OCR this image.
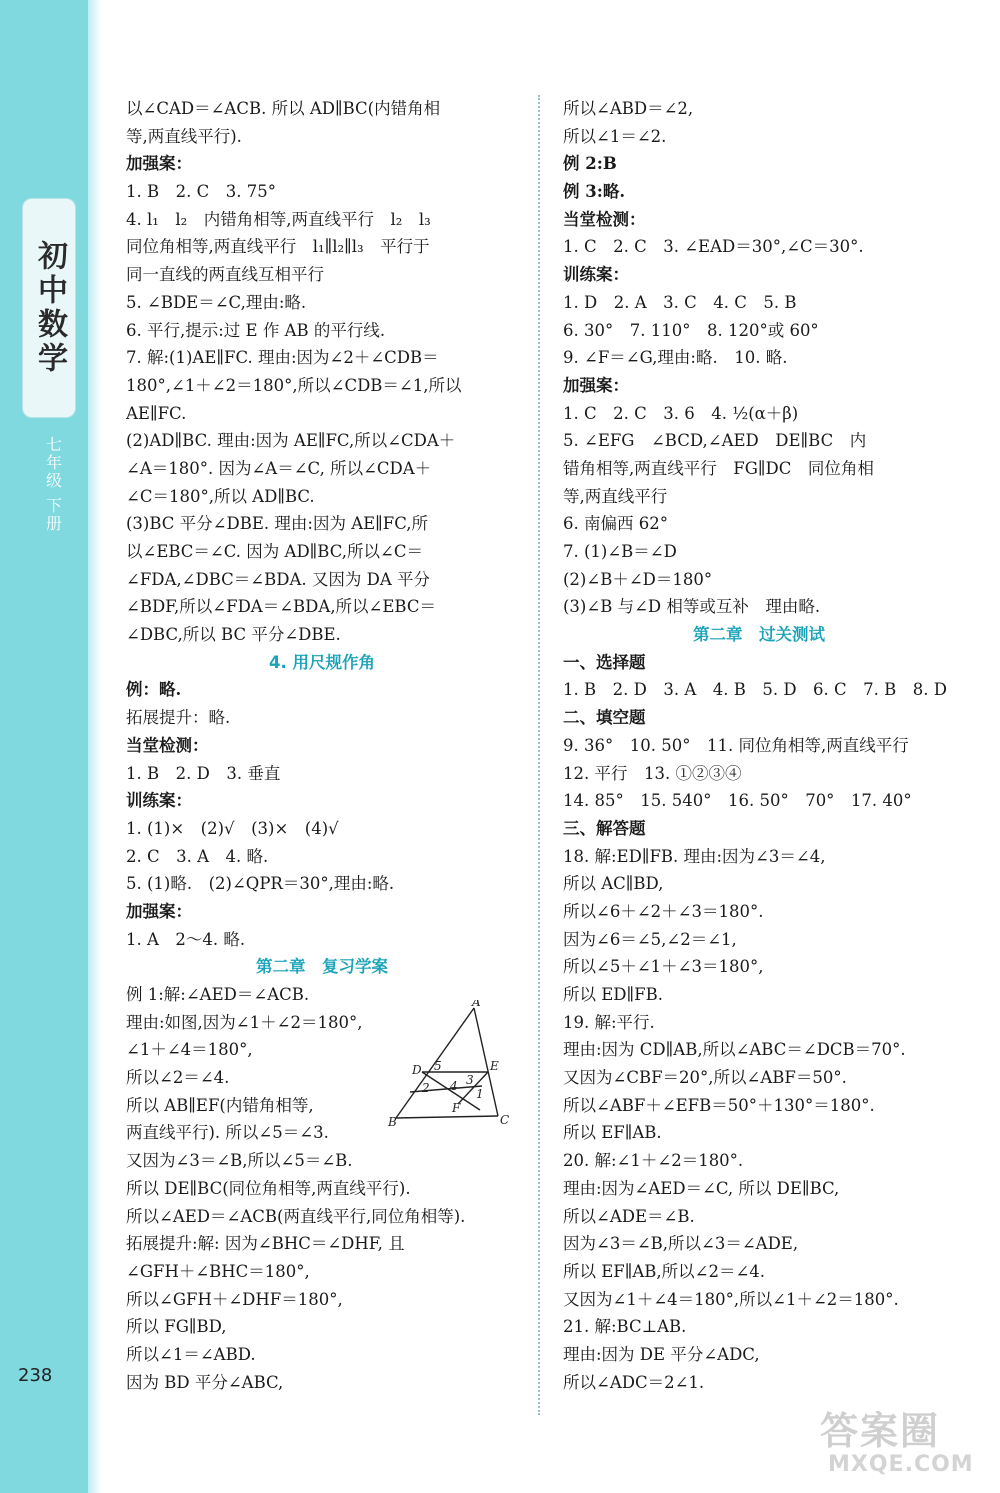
初中数学
七年级 下册
238
以∠CAD＝∠ACB. 所以 AD∥BC(内错角相
等,两直线平行).
加强案：
1. B　2. C　3. 75°
4. l₁　l₂　内错角相等,两直线平行　l₂　l₃
同位角相等,两直线平行　l₁∥l₂∥l₃　平行于
同一直线的两直线互相平行
5. ∠BDE＝∠C,理由:略.
6. 平行,提示:过 E 作 AB 的平行线.
7. 解:(1)AE∥FC. 理由:因为∠2＋∠CDB＝
180°,∠1＋∠2＝180°,所以∠CDB＝∠1,所以
AE∥FC.
(2)AD∥BC. 理由:因为 AE∥FC,所以∠CDA＋
∠A＝180°. 因为∠A＝∠C, 所以∠CDA＋
∠C＝180°,所以 AD∥BC.
(3)BC 平分∠DBE. 理由:因为 AE∥FC,所
以∠EBC＝∠C. 因为 AD∥BC,所以∠C＝
∠FDA,∠DBC＝∠BDA. 又因为 DA 平分
∠BDF,所以∠FDA＝∠BDA,所以∠EBC＝
∠DBC,所以 BC 平分∠DBE.
4. 用尺规作角
例：略.
拓展提升：略.
当堂检测：
1. B　2. D　3. 垂直
训练案：
1. (1)×　(2)√　(3)×　(4)√
2. C　3. A　4. 略.
5. (1)略.　(2)∠QPR＝30°,理由:略.
加强案：
1. A　2～4. 略.
第二章　复习学案
例 1:解:∠AED＝∠ACB.
理由:如图,因为∠1＋∠2＝180°,
∠1＋∠4＝180°,
所以∠2＝∠4.
所以 AB∥EF(内错角相等,
两直线平行). 所以∠5＝∠3.
又因为∠3＝∠B,所以∠5＝∠B.
所以 DE∥BC(同位角相等,两直线平行).
所以∠AED＝∠ACB(两直线平行,同位角相等).
拓展提升:解: 因为∠BHC＝∠DHF, 且
∠GFH＋∠BHC＝180°,
所以∠GFH＋∠DHF＝180°,
所以 FG∥BD,
所以∠1＝∠ABD.
因为 BD 平分∠ABC,
所以∠ABD＝∠2,
所以∠1＝∠2.
例 2:B
例 3:略.
当堂检测：
1. C　2. C　3. ∠EAD＝30°,∠C＝30°.
训练案：
1. D　2. A　3. C　4. C　5. B
6. 30°　7. 110°　8. 120°或 60°
9. ∠F＝∠G,理由:略.　10. 略.
加强案：
1. C　2. C　3. 6　4. ½(α＋β)
5. ∠EFG　∠BCD,∠AED　DE∥BC　内
错角相等,两直线平行　FG∥DC　同位角相
等,两直线平行
6. 南偏西 62°
7. (1)∠B＝∠D
(2)∠B＋∠D＝180°
(3)∠B 与∠D 相等或互补　理由略.
第二章　过关测试
一、选择题
1. B　2. D　3. A　4. B　5. D　6. C　7. B　8. D
二、填空题
9. 36°　10. 50°　11. 同位角相等,两直线平行
12. 平行　13. ①②③④
14. 85°　15. 540°　16. 50°　70°　17. 40°
三、解答题
18. 解:ED∥FB. 理由:因为∠3＝∠4,
所以 AC∥BD,
所以∠6＋∠2＋∠3＝180°.
因为∠6＝∠5,∠2＝∠1,
所以∠5＋∠1＋∠3＝180°,
所以 ED∥FB.
19. 解:平行.
理由:因为 CD∥AB,所以∠ABC＝∠DCB＝70°.
又因为∠CBF＝20°,所以∠ABF＝50°.
所以∠ABF＋∠EFB＝50°＋130°＝180°.
所以 EF∥AB.
20. 解:∠1＋∠2＝180°.
理由:因为∠AED＝∠C, 所以 DE∥BC,
所以∠ADE＝∠B.
因为∠3＝∠B,所以∠3＝∠ADE,
所以 EF∥AB,所以∠2＝∠4.
又因为∠1＋∠4＝180°,所以∠1＋∠2＝180°.
21. 解:BC⊥AB.
理由:因为 DE 平分∠ADC,
所以∠ADC＝2∠1.
A
D	E
B	C
F
5
4 3
2	1
答案圈
MXQE.COM
